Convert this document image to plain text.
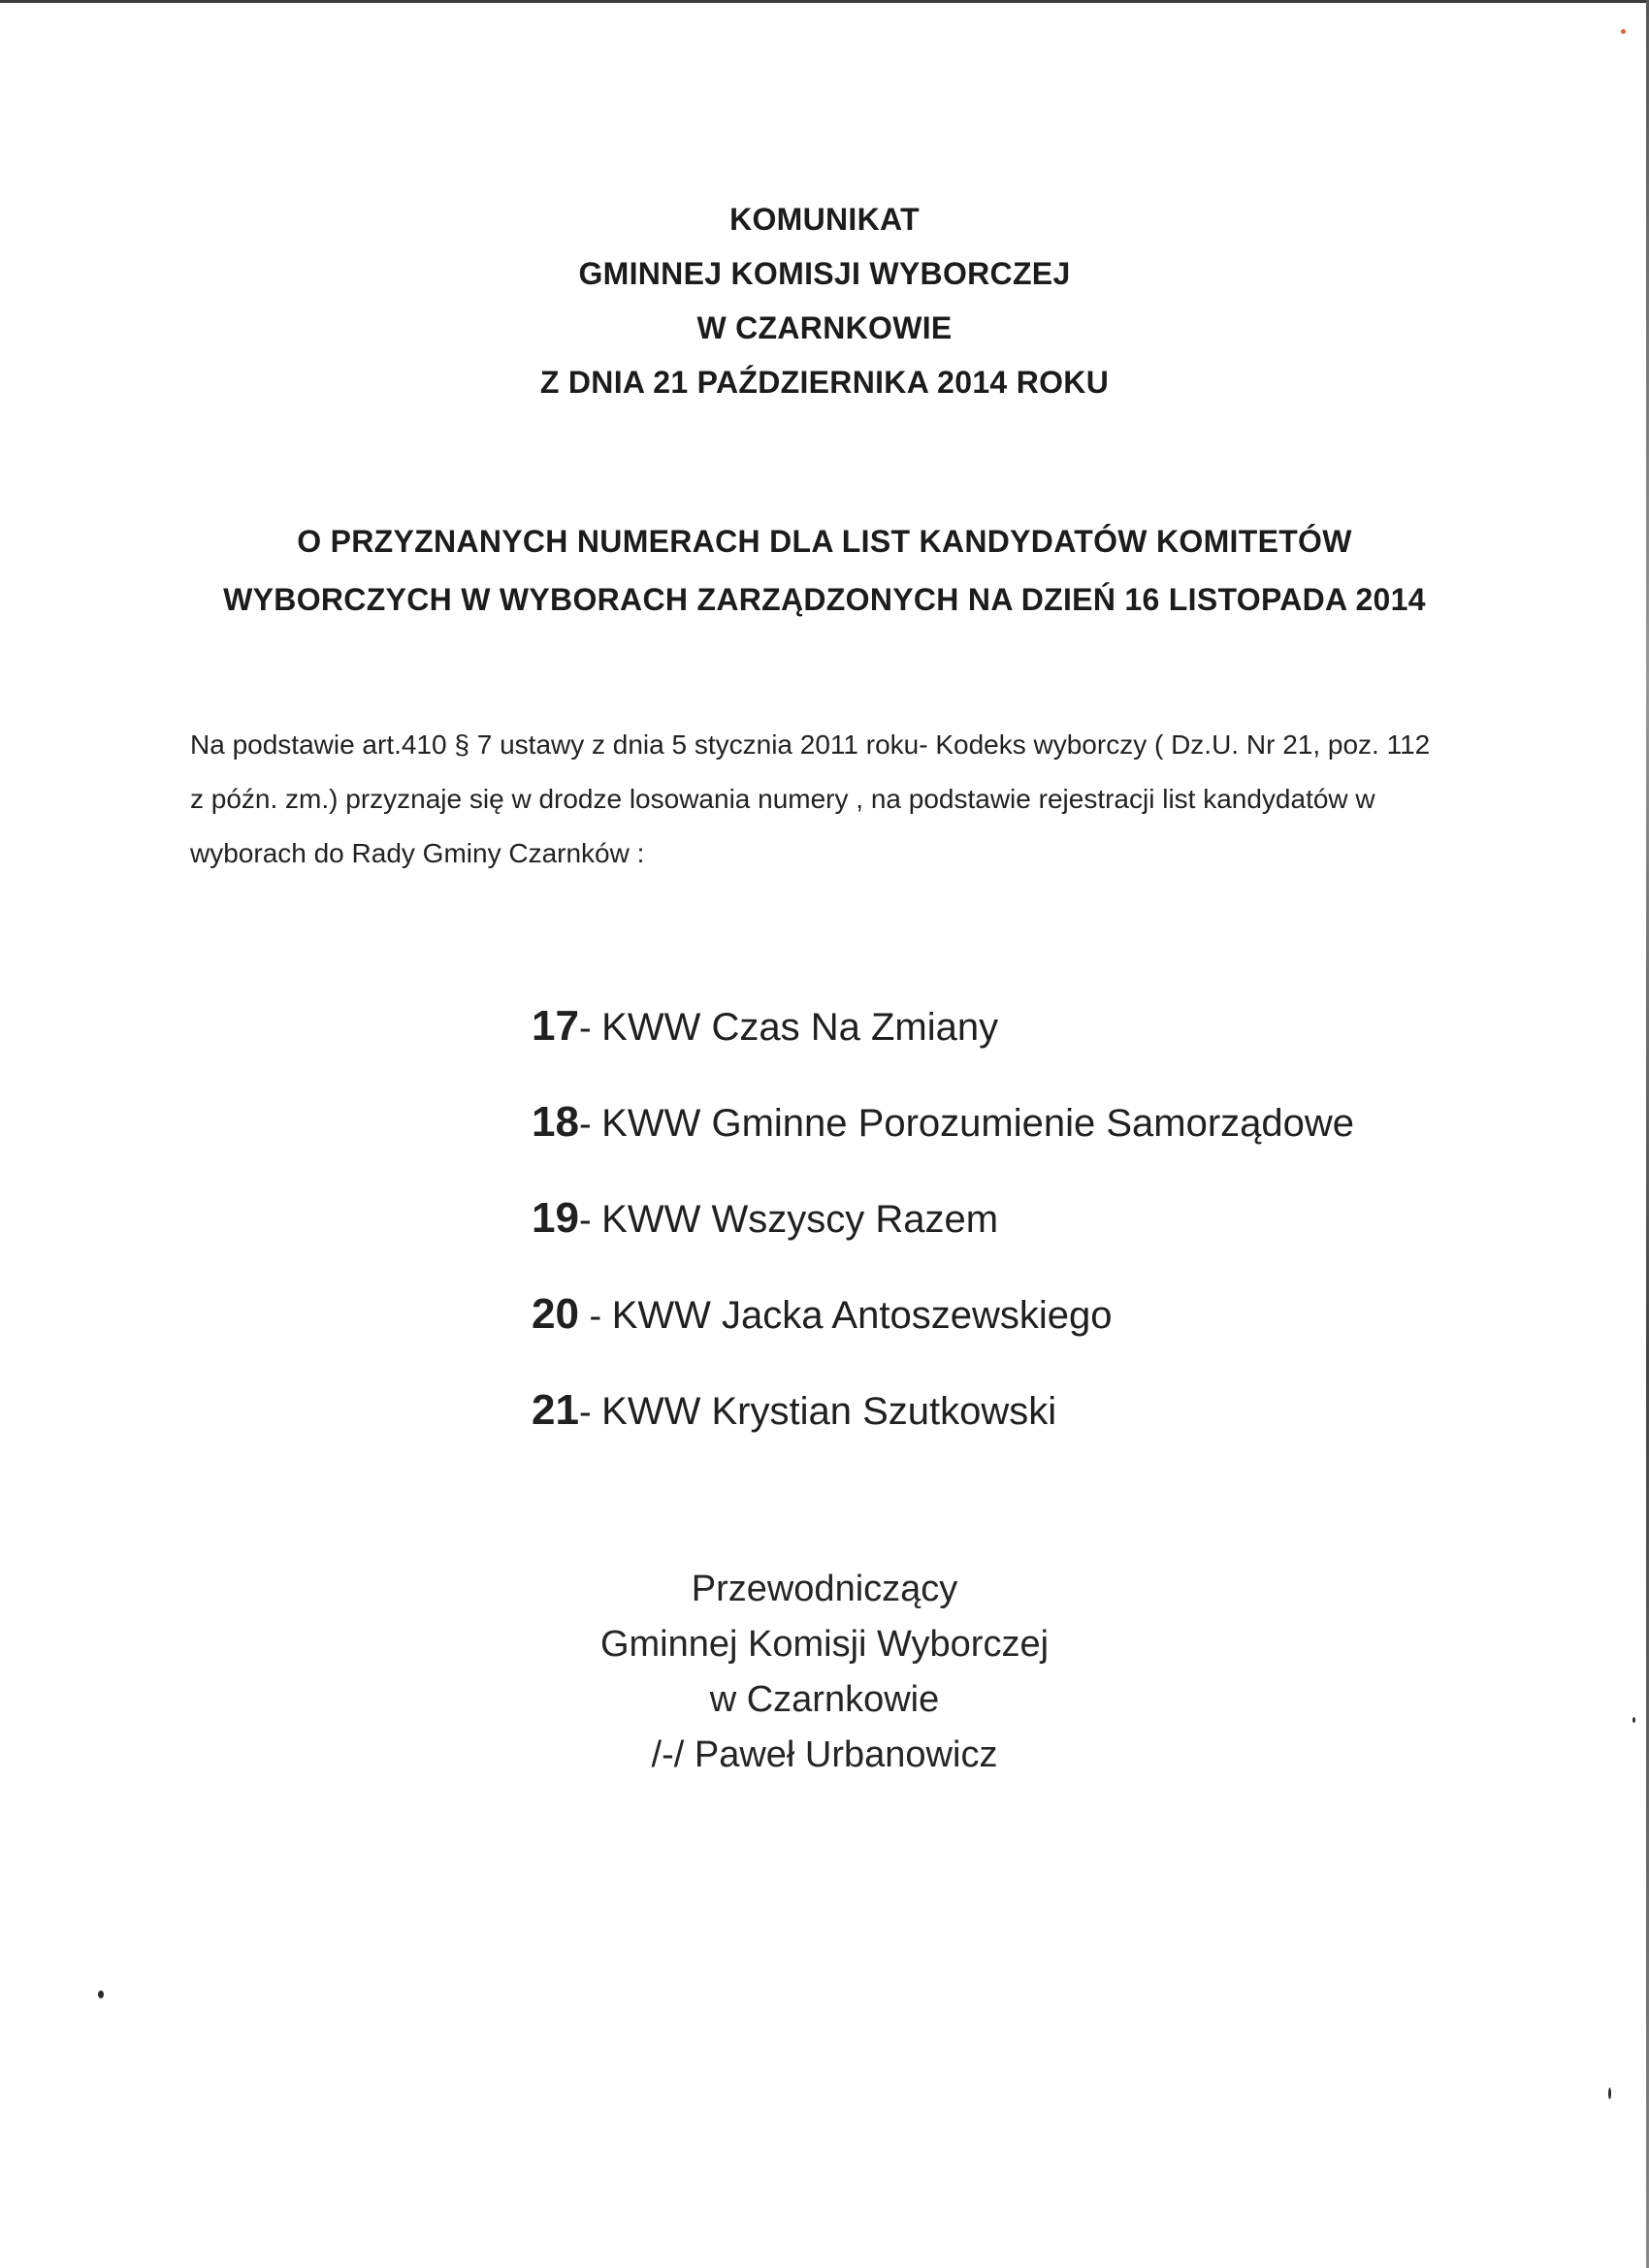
KOMUNIKAT
GMINNEJ KOMISJI WYBORCZEJ
W CZARNKOWIE
Z DNIA 21 PAŹDZIERNIKA 2014 ROKU
O PRZYZNANYCH NUMERACH DLA LIST KANDYDATÓW KOMITETÓW
WYBORCZYCH W WYBORACH ZARZĄDZONYCH NA DZIEŃ 16 LISTOPADA 2014
Na podstawie art.410 § 7 ustawy z dnia 5 stycznia 2011 roku- Kodeks wyborczy ( Dz.U. Nr 21, poz. 112 z późn. zm.) przyznaje się w drodze losowania numery , na podstawie rejestracji list kandydatów w wyborach do Rady Gminy Czarnków :
17- KWW Czas Na Zmiany
18- KWW Gminne Porozumienie Samorządowe
19- KWW Wszyscy Razem
20 - KWW Jacka Antoszewskiego
21- KWW Krystian Szutkowski
Przewodniczący
Gminnej Komisji Wyborczej
w Czarnkowie
/-/ Paweł Urbanowicz
